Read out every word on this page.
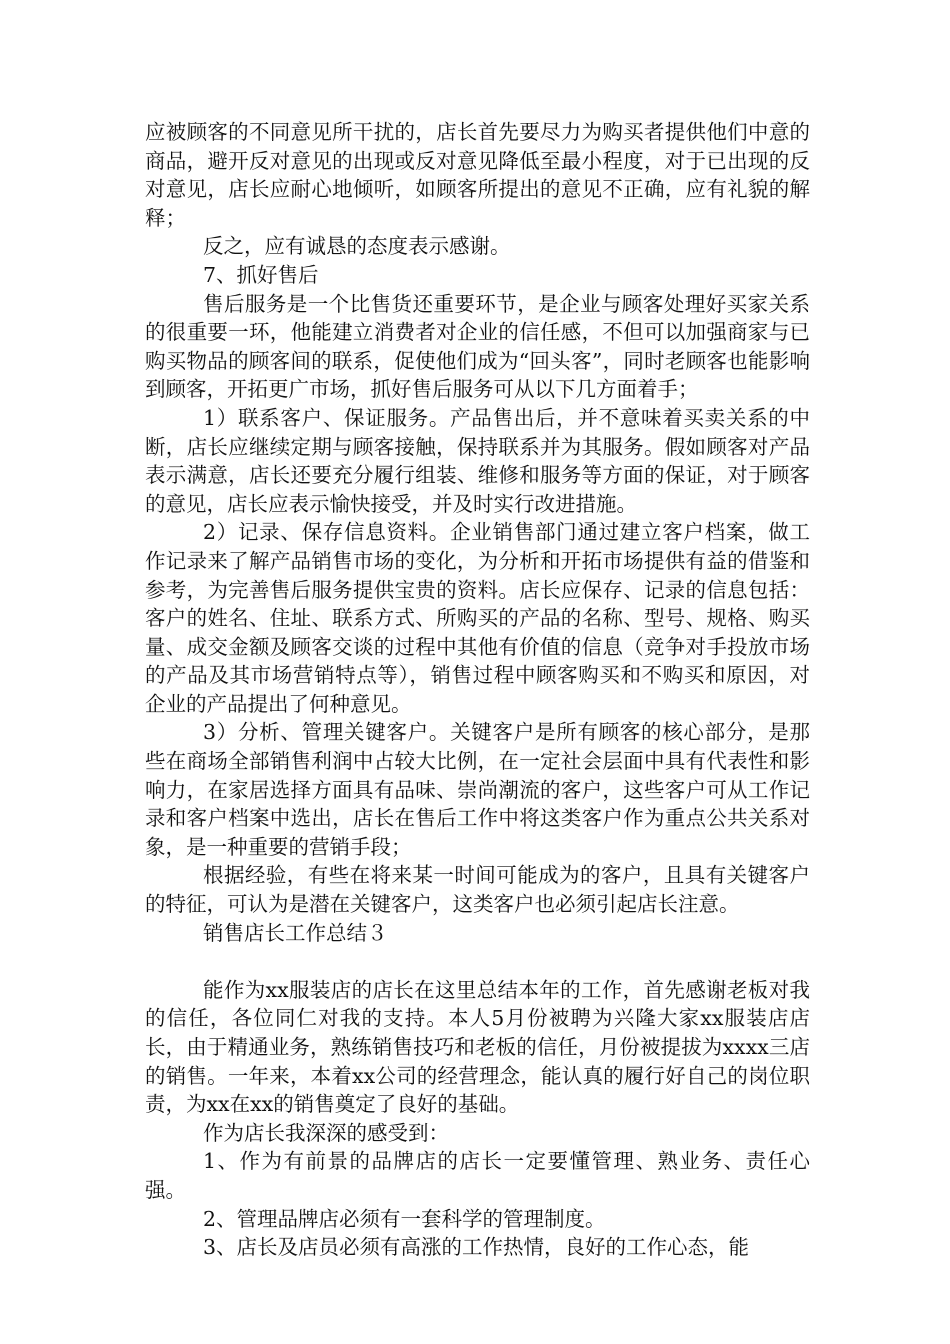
应被顾客的不同意见所干扰的，店长首先要尽力为购买者提供他们中意的商品，避开反对意见的出现或反对意见降低至最小程度，对于已出现的反对意见，店长应耐心地倾听，如顾客所提出的意见不正确，应有礼貌的解释；

反之，应有诚恳的态度表示感谢。

7、抓好售后

售后服务是一个比售货还重要环节，是企业与顾客处理好买家关系的很重要一环，他能建立消费者对企业的信任感，不但可以加强商家与已购买物品的顾客间的联系，促使他们成为“回头客”，同时老顾客也能影响到顾客，开拓更广市场，抓好售后服务可从以下几方面着手；

1）联系客户、保证服务。产品售出后，并不意味着买卖关系的中断，店长应继续定期与顾客接触，保持联系并为其服务。假如顾客对产品表示满意，店长还要充分履行组装、维修和服务等方面的保证，对于顾客的意见，店长应表示愉快接受，并及时实行改进措施。

2）记录、保存信息资料。企业销售部门通过建立客户档案，做工作记录来了解产品销售市场的变化，为分析和开拓市场提供有益的借鉴和参考，为完善售后服务提供宝贵的资料。店长应保存、记录的信息包括：客户的姓名、住址、联系方式、所购买的产品的名称、型号、规格、购买量、成交金额及顾客交谈的过程中其他有价值的信息（竞争对手投放市场的产品及其市场营销特点等），销售过程中顾客购买和不购买和原因，对企业的产品提出了何种意见。

3）分析、管理关键客户。关键客户是所有顾客的核心部分，是那些在商场全部销售利润中占较大比例，在一定社会层面中具有代表性和影响力，在家居选择方面具有品味、崇尚潮流的客户，这些客户可从工作记录和客户档案中选出，店长在售后工作中将这类客户作为重点公共关系对象，是一种重要的营销手段；

根据经验，有些在将来某一时间可能成为的客户，且具有关键客户的特征，可认为是潜在关键客户，这类客户也必须引起店长注意。

销售店长工作总结３

能作为xx服装店的店长在这里总结本年的工作，首先感谢老板对我的信任，各位同仁对我的支持。本人5月份被聘为兴隆大家xx服装店店长，由于精通业务，熟练销售技巧和老板的信任，月份被提拔为xxxx三店的销售。一年来，本着xx公司的经营理念，能认真的履行好自己的岗位职责，为xx在xx的销售奠定了良好的基础。

作为店长我深深的感受到：

1、作为有前景的品牌店的店长一定要懂管理、熟业务、责任心强。

2、管理品牌店必须有一套科学的管理制度。

3、店长及店员必须有高涨的工作热情，良好的工作心态，能
